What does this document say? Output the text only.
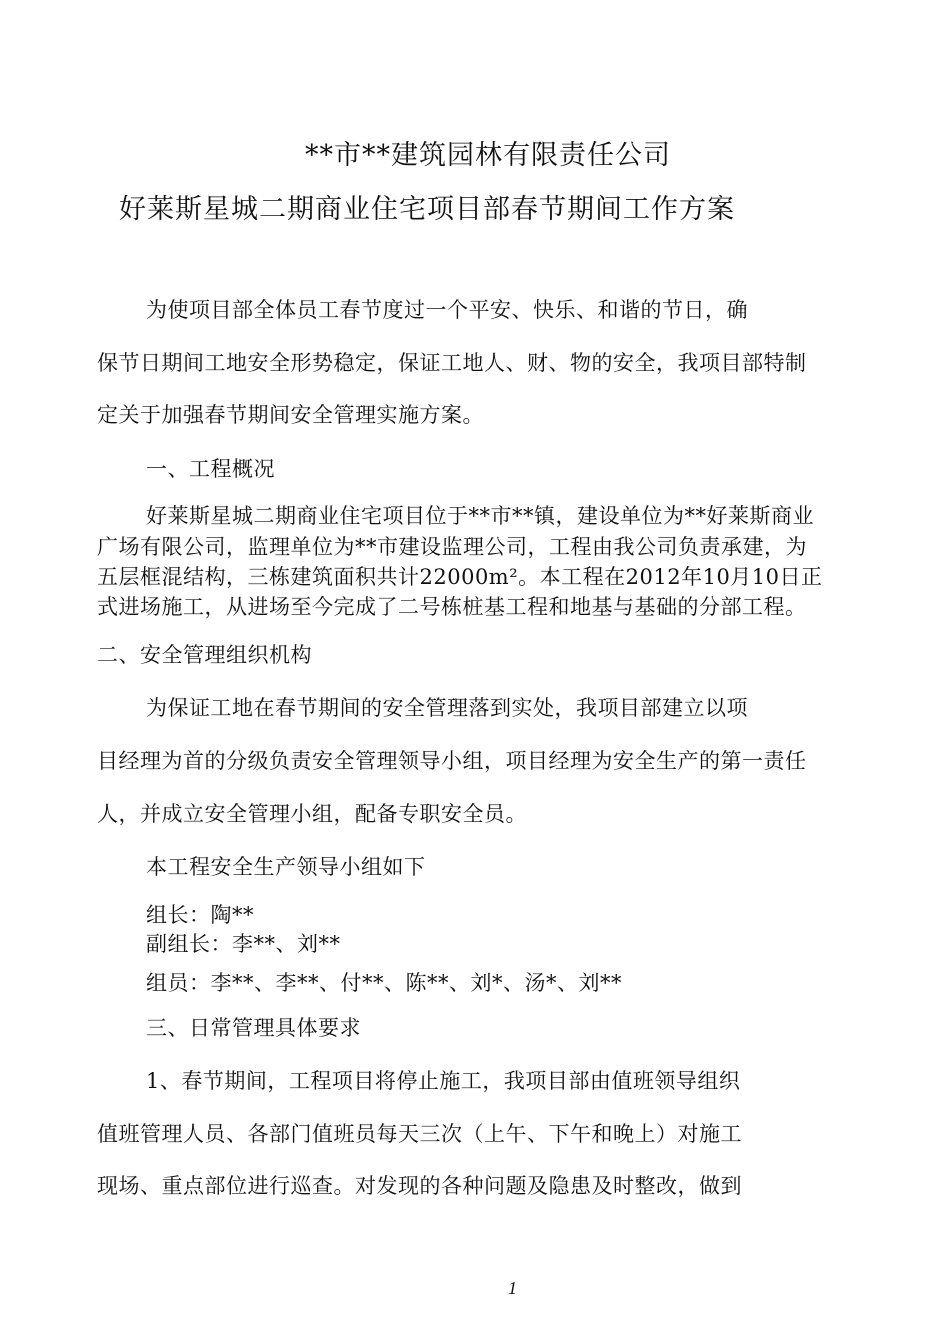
**市**建筑园林有限责任公司
好莱斯星城二期商业住宅项目部春节期间工作方案
为使项目部全体员工春节度过一个平安、快乐、和谐的节日，确
保节日期间工地安全形势稳定，保证工地人、财、物的安全，我项目部特制
定关于加强春节期间安全管理实施方案。
一、工程概况
好莱斯星城二期商业住宅项目位于**市**镇，建设单位为**好莱斯商业
广场有限公司，监理单位为**市建设监理公司，工程由我公司负责承建，为
五层框混结构，三栋建筑面积共计22000m²。本工程在2012年10月10日正
式进场施工，从进场至今完成了二号栋桩基工程和地基与基础的分部工程。
二、安全管理组织机构
为保证工地在春节期间的安全管理落到实处，我项目部建立以项
目经理为首的分级负责安全管理领导小组，项目经理为安全生产的第一责任
人，并成立安全管理小组，配备专职安全员。
本工程安全生产领导小组如下
组长：陶**
副组长：李**、刘**
组员：李**、李**、付**、陈**、刘*、汤*、刘**
三、日常管理具体要求
1、春节期间，工程项目将停止施工，我项目部由值班领导组织
值班管理人员、各部门值班员每天三次（上午、下午和晚上）对施工
现场、重点部位进行巡查。对发现的各种问题及隐患及时整改，做到
1
